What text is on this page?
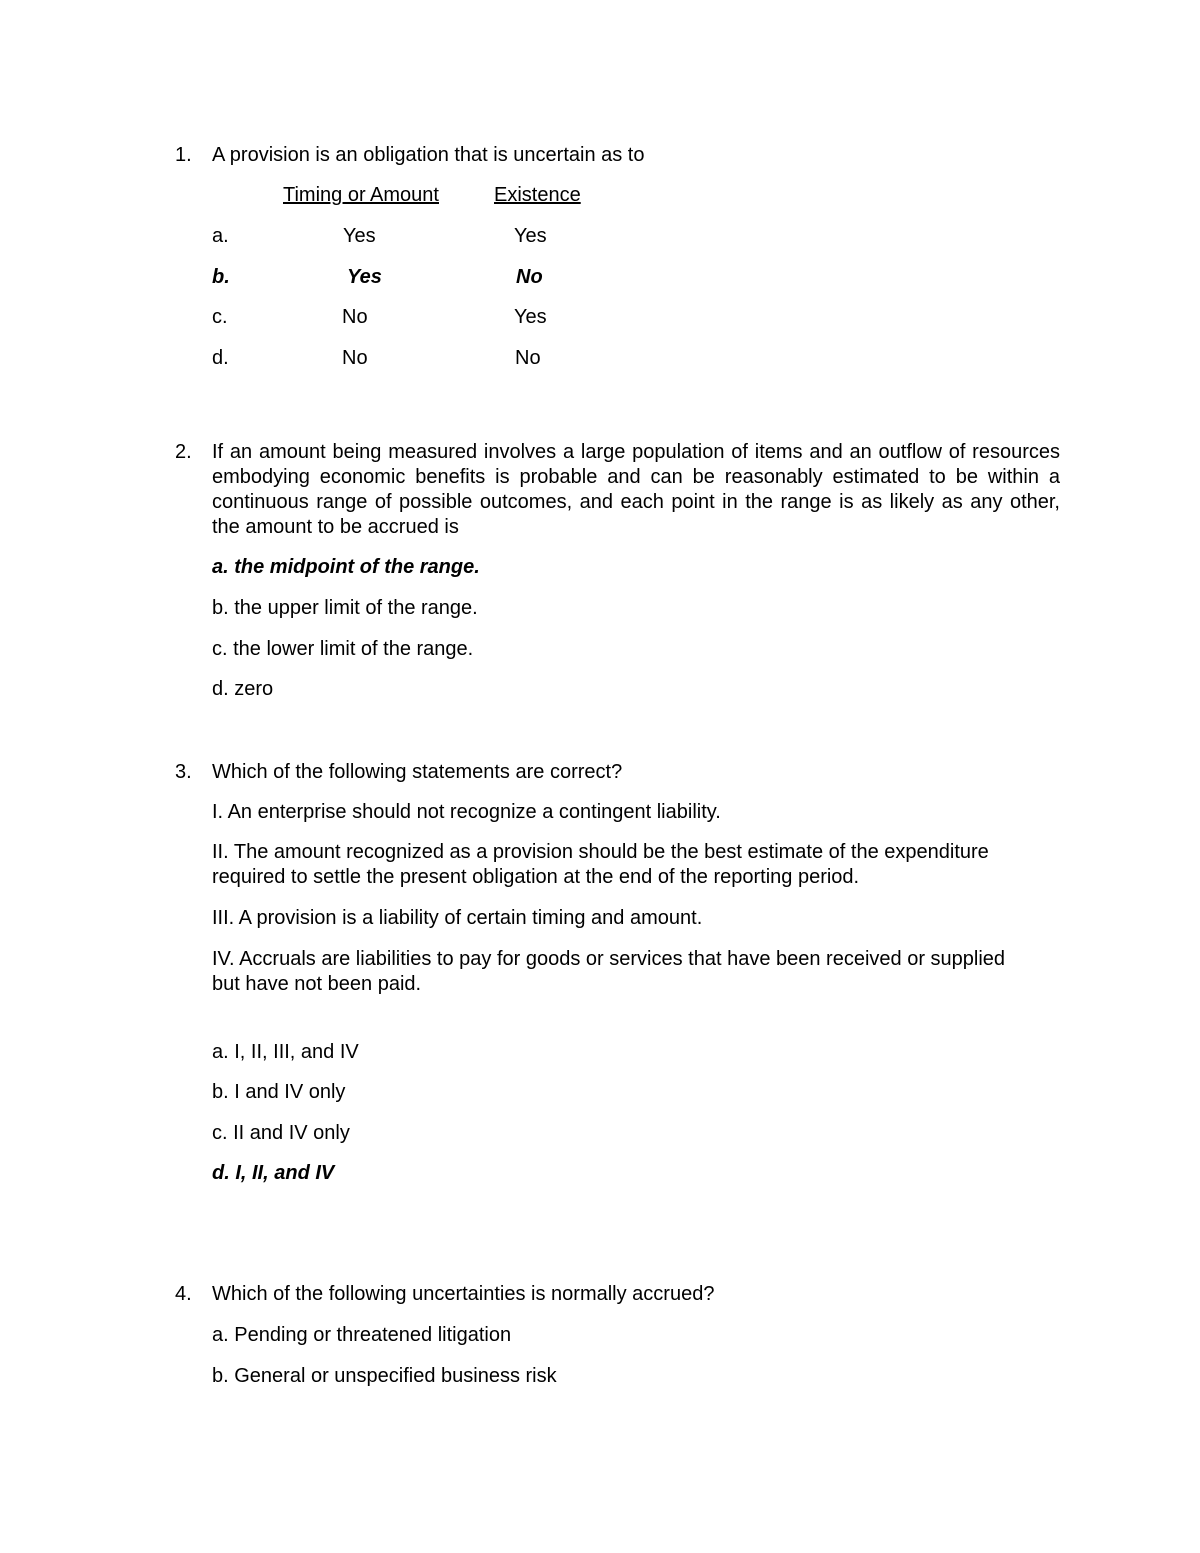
1.	A provision is an obligation that is uncertain as to
Timing or Amount	Existence
a.	Yes	Yes
b.	Yes	No
c.	No	Yes
d.	No	No
2.	If an amount being measured involves a large population of items and an outflow of resources embodying economic benefits is probable and can be reasonably estimated to be within a continuous range of possible outcomes, and each point in the range is as likely as any other, the amount to be accrued is
a. the midpoint of the range.
b. the upper limit of the range.
c. the lower limit of the range.
d. zero
3.	Which of the following statements are correct?
I. An enterprise should not recognize a contingent liability.
II. The amount recognized as a provision should be the best estimate of the expenditure required to settle the present obligation at the end of the reporting period.
III. A provision is a liability of certain timing and amount.
IV. Accruals are liabilities to pay for goods or services that have been received or supplied but have not been paid.
a. I, II, III, and IV
b. I and IV only
c. II and IV only
d. I, II, and IV
4.	Which of the following uncertainties is normally accrued?
a. Pending or threatened litigation
b. General or unspecified business risk
